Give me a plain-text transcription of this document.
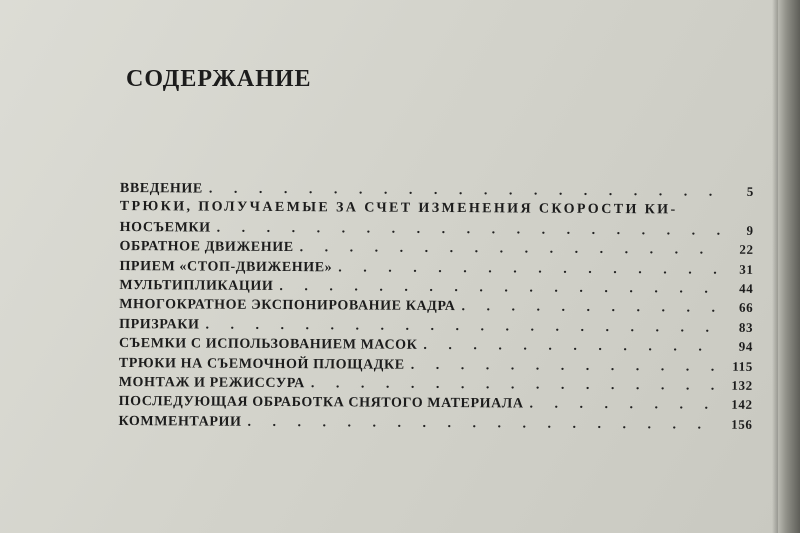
СОДЕРЖАНИЕ
ВВЕДЕНИЕ . . .	5
ТРЮКИ, ПОЛУЧАЕМЫЕ ЗА СЧЕТ ИЗМЕНЕНИЯ СКОРОСТИ КИ-
НОСЪЕМКИ . . .	9
ОБРАТНОЕ ДВИЖЕНИЕ . . .	22
ПРИЕМ «СТОП-ДВИЖЕНИЕ» . . .	31
МУЛЬТИПЛИКАЦИИ . . .	44
МНОГОКРАТНОЕ ЭКСПОНИРОВАНИЕ КАДРА . . .	66
ПРИЗРАКИ . . .	83
СЪЕМКИ С ИСПОЛЬЗОВАНИЕМ МАСОК . . .	94
ТРЮКИ НА СЪЕМОЧНОЙ ПЛОЩАДКЕ . . .	115
МОНТАЖ И РЕЖИССУРА . . .	132
ПОСЛЕДУЮЩАЯ ОБРАБОТКА СНЯТОГО МАТЕРИАЛА . . .	142
КОММЕНТАРИИ . . .	156
